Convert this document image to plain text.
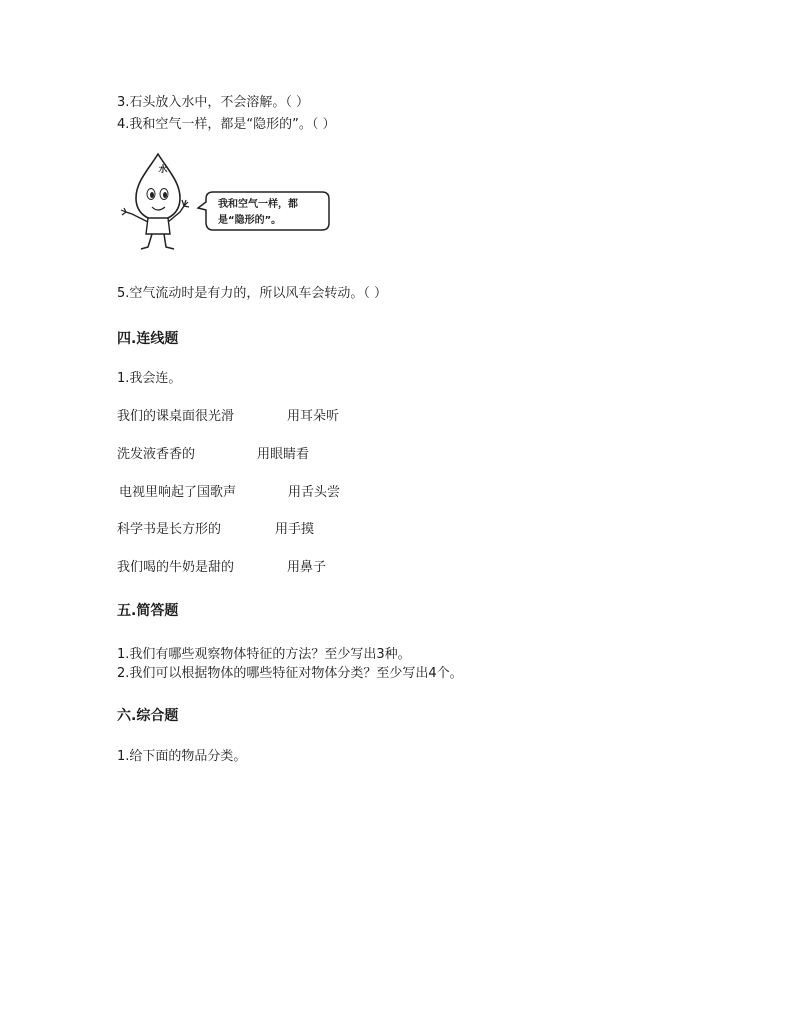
3.石头放入水中，不会溶解。（ ）
4.我和空气一样，都是“隐形的”。（ ）
水
我和空气一样，都
是“隐形的”。
5.空气流动时是有力的，所以风车会转动。（ ）
四.连线题
1.我会连。
我们的课桌面很光滑	用耳朵听
洗发液香香的	用眼睛看
电视里响起了国歌声	用舌头尝
科学书是长方形的	用手摸
我们喝的牛奶是甜的	用鼻子
五.简答题
1.我们有哪些观察物体特征的方法？至少写出3种。
2.我们可以根据物体的哪些特征对物体分类？至少写出4个。
六.综合题
1.给下面的物品分类。
